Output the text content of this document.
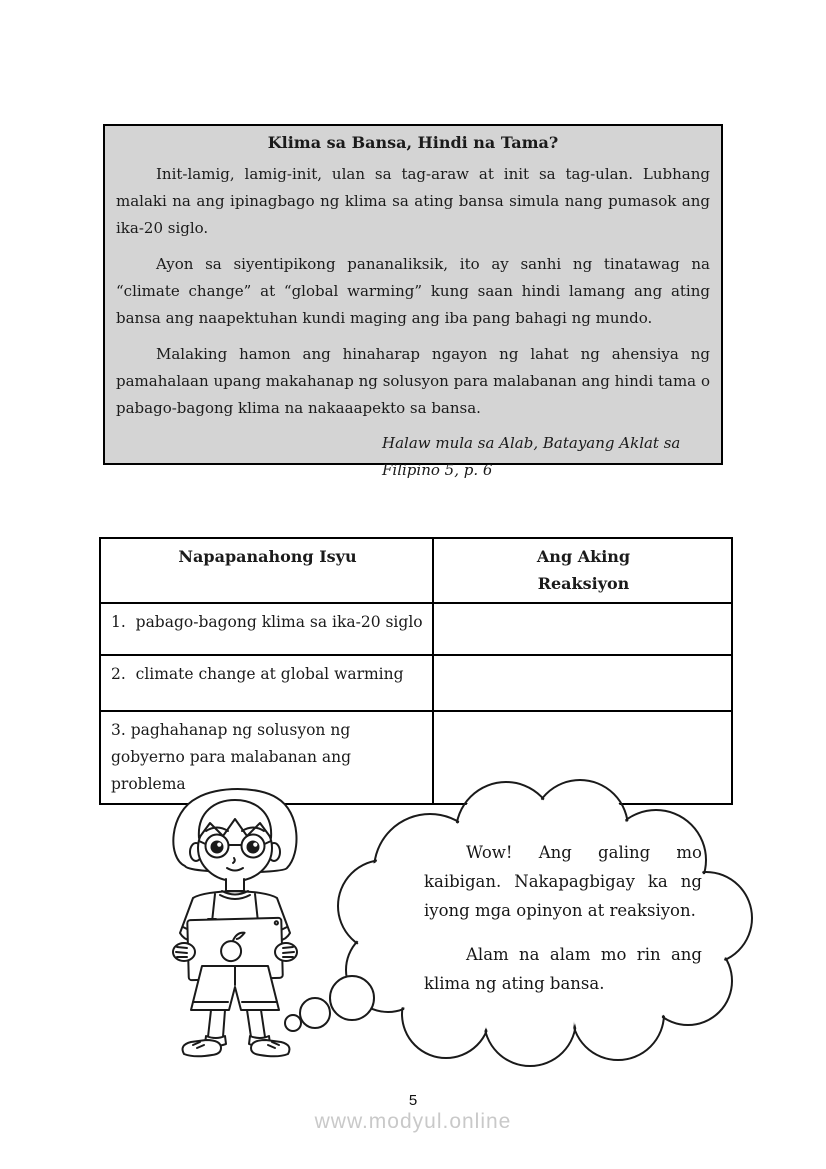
Klima sa Bansa, Hindi na Tama?

Init-lamig, lamig-init, ulan sa tag-araw at init sa tag-ulan. Lubhang malaki na ang ipinagbago ng klima sa ating bansa simula nang pumasok ang ika-20 siglo.

Ayon sa siyentipikong pananaliksik, ito ay sanhi ng tinatawag na “climate change” at “global warming” kung saan hindi lamang ang ating bansa ang naapektuhan kundi maging ang iba pang bahagi ng mundo.

Malaking hamon ang hinaharap ngayon ng lahat ng ahensiya ng pamahalaan upang makahanap ng solusyon para malabanan ang hindi tama o pabago-bagong klima na nakaaapekto sa bansa.

Halaw mula sa Alab, Batayang Aklat sa
Filipino 5, p. 6
Napapanahong Isyu	Ang Aking
Reaksiyon

1.  pabago-bagong klima sa ika-20 siglo	
2.  climate change at global warming	
3. paghahanap ng solusyon ng gobyerno para malabanan ang problema	

Wow! Ang galing mo kaibigan. Nakapagbigay ka ng iyong mga opinyon at reaksiyon.

Alam na alam mo rin ang klima ng ating bansa.

5
www.modyul.online
